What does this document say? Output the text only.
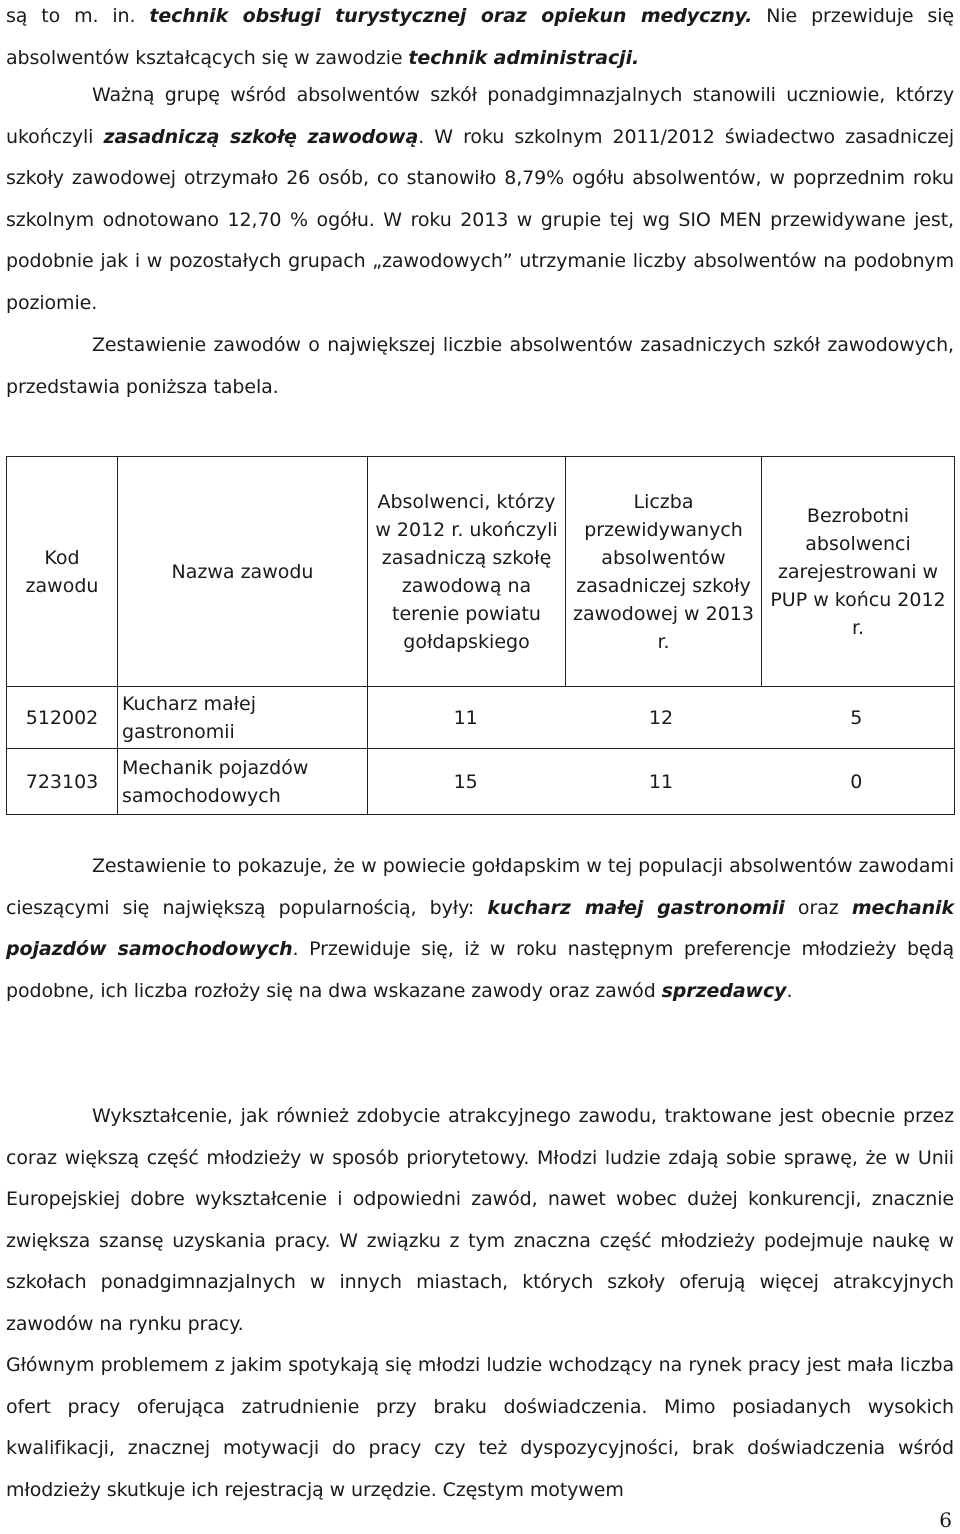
są to m. in. technik obsługi turystycznej oraz opiekun medyczny. Nie przewiduje się absolwentów kształcących się w zawodzie technik administracji.

Ważną grupę wśród absolwentów szkół ponadgimnazjalnych stanowili uczniowie, którzy ukończyli zasadniczą szkołę zawodową. W roku szkolnym 2011/2012 świadectwo zasadniczej szkoły zawodowej otrzymało 26 osób, co stanowiło 8,79% ogółu absolwentów, w poprzednim roku szkolnym odnotowano 12,70 % ogółu. W roku 2013 w grupie tej wg SIO MEN przewidywane jest, podobnie jak i w pozostałych grupach „zawodowych” utrzymanie liczby absolwentów na podobnym poziomie.

Zestawienie zawodów o największej liczbie absolwentów zasadniczych szkół zawodowych, przedstawia poniższa tabela.

Kod zawodu	Nazwa zawodu	Absolwenci, którzy w 2012 r. ukończyli zasadniczą szkołę zawodową na terenie powiatu gołdapskiego	Liczba przewidywanych absolwentów zasadniczej szkoły zawodowej w 2013 r.	Bezrobotni absolwenci zarejestrowani w PUP w końcu 2012 r.
512002	Kucharz małej gastronomii	11 12 5		

723103	Mechanik pojazdów samochodowych	15 11 0		

Zestawienie to pokazuje, że w powiecie gołdapskim w tej populacji absolwentów zawodami cieszącymi się największą popularnością, były: kucharz małej gastronomii oraz mechanik pojazdów samochodowych. Przewiduje się, iż w roku następnym preferencje młodzieży będą podobne, ich liczba rozłoży się na dwa wskazane zawody oraz zawód sprzedawcy.

Wykształcenie, jak również zdobycie atrakcyjnego zawodu, traktowane jest obecnie przez coraz większą część młodzieży w sposób priorytetowy. Młodzi ludzie zdają sobie sprawę, że w Unii Europejskiej dobre wykształcenie i odpowiedni zawód, nawet wobec dużej konkurencji, znacznie zwiększa szansę uzyskania pracy. W związku z tym znaczna część młodzieży podejmuje naukę w szkołach ponadgimnazjalnych w innych miastach, których szkoły oferują więcej atrakcyjnych zawodów na rynku pracy.

Głównym problemem z jakim spotykają się młodzi ludzie wchodzący na rynek pracy jest mała liczba ofert pracy oferująca zatrudnienie przy braku doświadczenia. Mimo posiadanych wysokich kwalifikacji, znacznej motywacji do pracy czy też dyspozycyjności, brak doświadczenia wśród młodzieży skutkuje ich rejestracją w urzędzie. Częstym motywem

6
